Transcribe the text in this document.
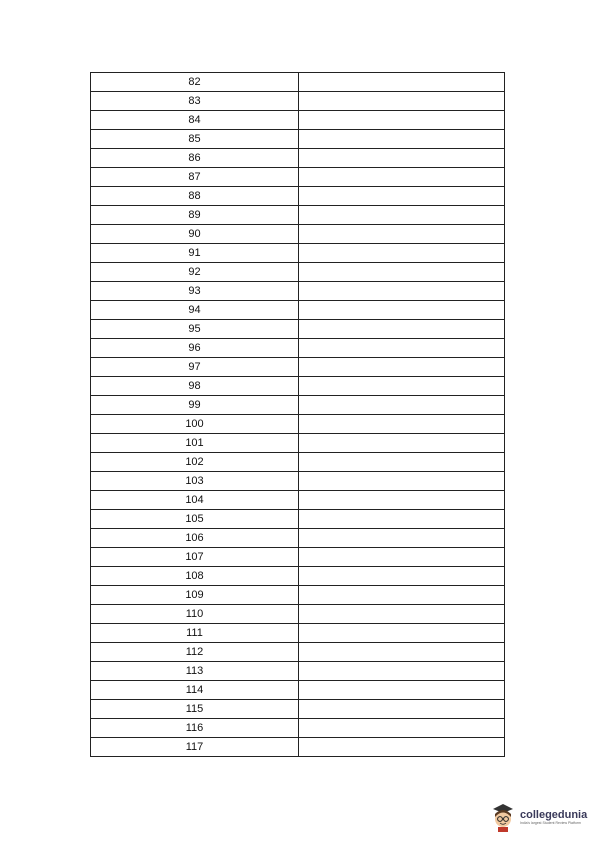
82	
83	
84	
85	
86	
87	
88	
89	
90	
91	
92	
93	
94	
95	
96	
97	
98	
99	
100	
101	
102	
103	
104	
105	
106	
107	
108	
109	
110	
111	
112	
113	
114	
115	
116	
117	
collegedunia
India's largest Student Review Platform
